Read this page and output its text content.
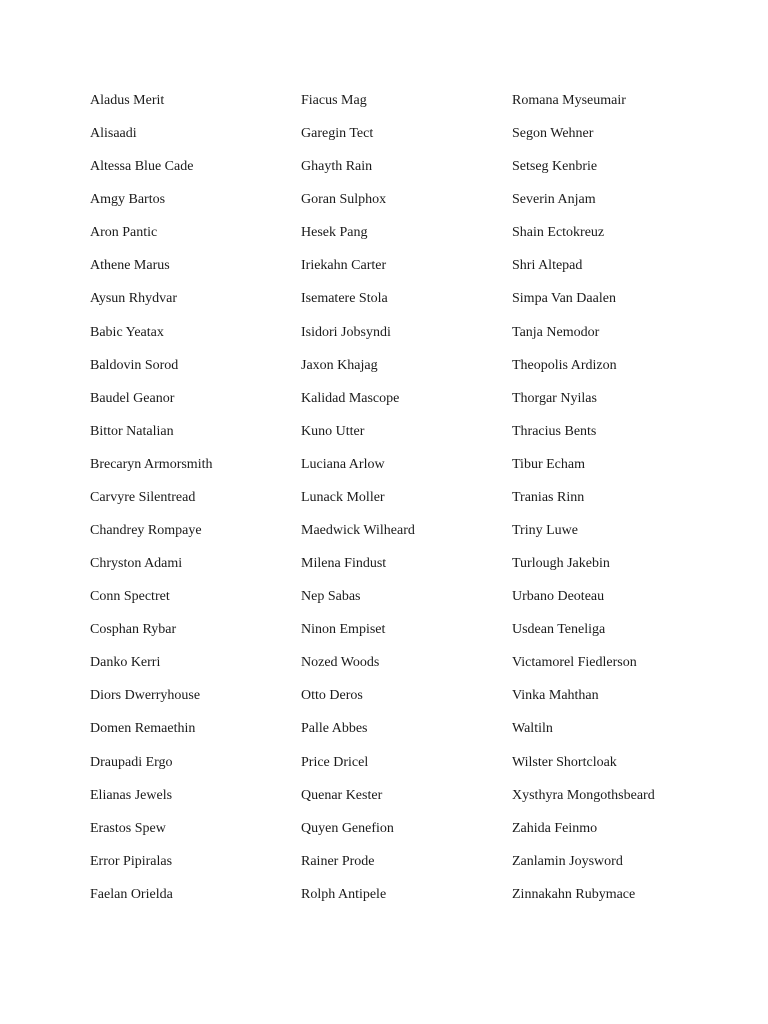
Aladus Merit
Alisaadi
Altessa Blue Cade
Amgy Bartos
Aron Pantic
Athene Marus
Aysun Rhydvar
Babic Yeatax
Baldovin Sorod
Baudel Geanor
Bittor Natalian
Brecaryn Armorsmith
Carvyre Silentread
Chandrey Rompaye
Chryston Adami
Conn Spectret
Cosphan Rybar
Danko Kerri
Diors Dwerryhouse
Domen Remaethin
Draupadi Ergo
Elianas Jewels
Erastos Spew
Error Pipiralas
Faelan Orielda
Fiacus Mag
Garegin Tect
Ghayth Rain
Goran Sulphox
Hesek Pang
Iriekahn Carter
Isematere Stola
Isidori Jobsyndi
Jaxon Khajag
Kalidad Mascope
Kuno Utter
Luciana Arlow
Lunack Moller
Maedwick Wilheard
Milena Findust
Nep Sabas
Ninon Empiset
Nozed Woods
Otto Deros
Palle Abbes
Price Dricel
Quenar Kester
Quyen Genefion
Rainer Prode
Rolph Antipele
Romana Myseumair
Segon Wehner
Setseg Kenbrie
Severin Anjam
Shain Ectokreuz
Shri Altepad
Simpa Van Daalen
Tanja Nemodor
Theopolis Ardizon
Thorgar Nyilas
Thracius Bents
Tibur Echam
Tranias Rinn
Triny Luwe
Turlough Jakebin
Urbano Deoteau
Usdean Teneliga
Victamorel Fiedlerson
Vinka Mahthan
Waltiln
Wilster Shortcloak
Xysthyra Mongothsbeard
Zahida Feinmo
Zanlamin Joysword
Zinnakahn Rubymace
